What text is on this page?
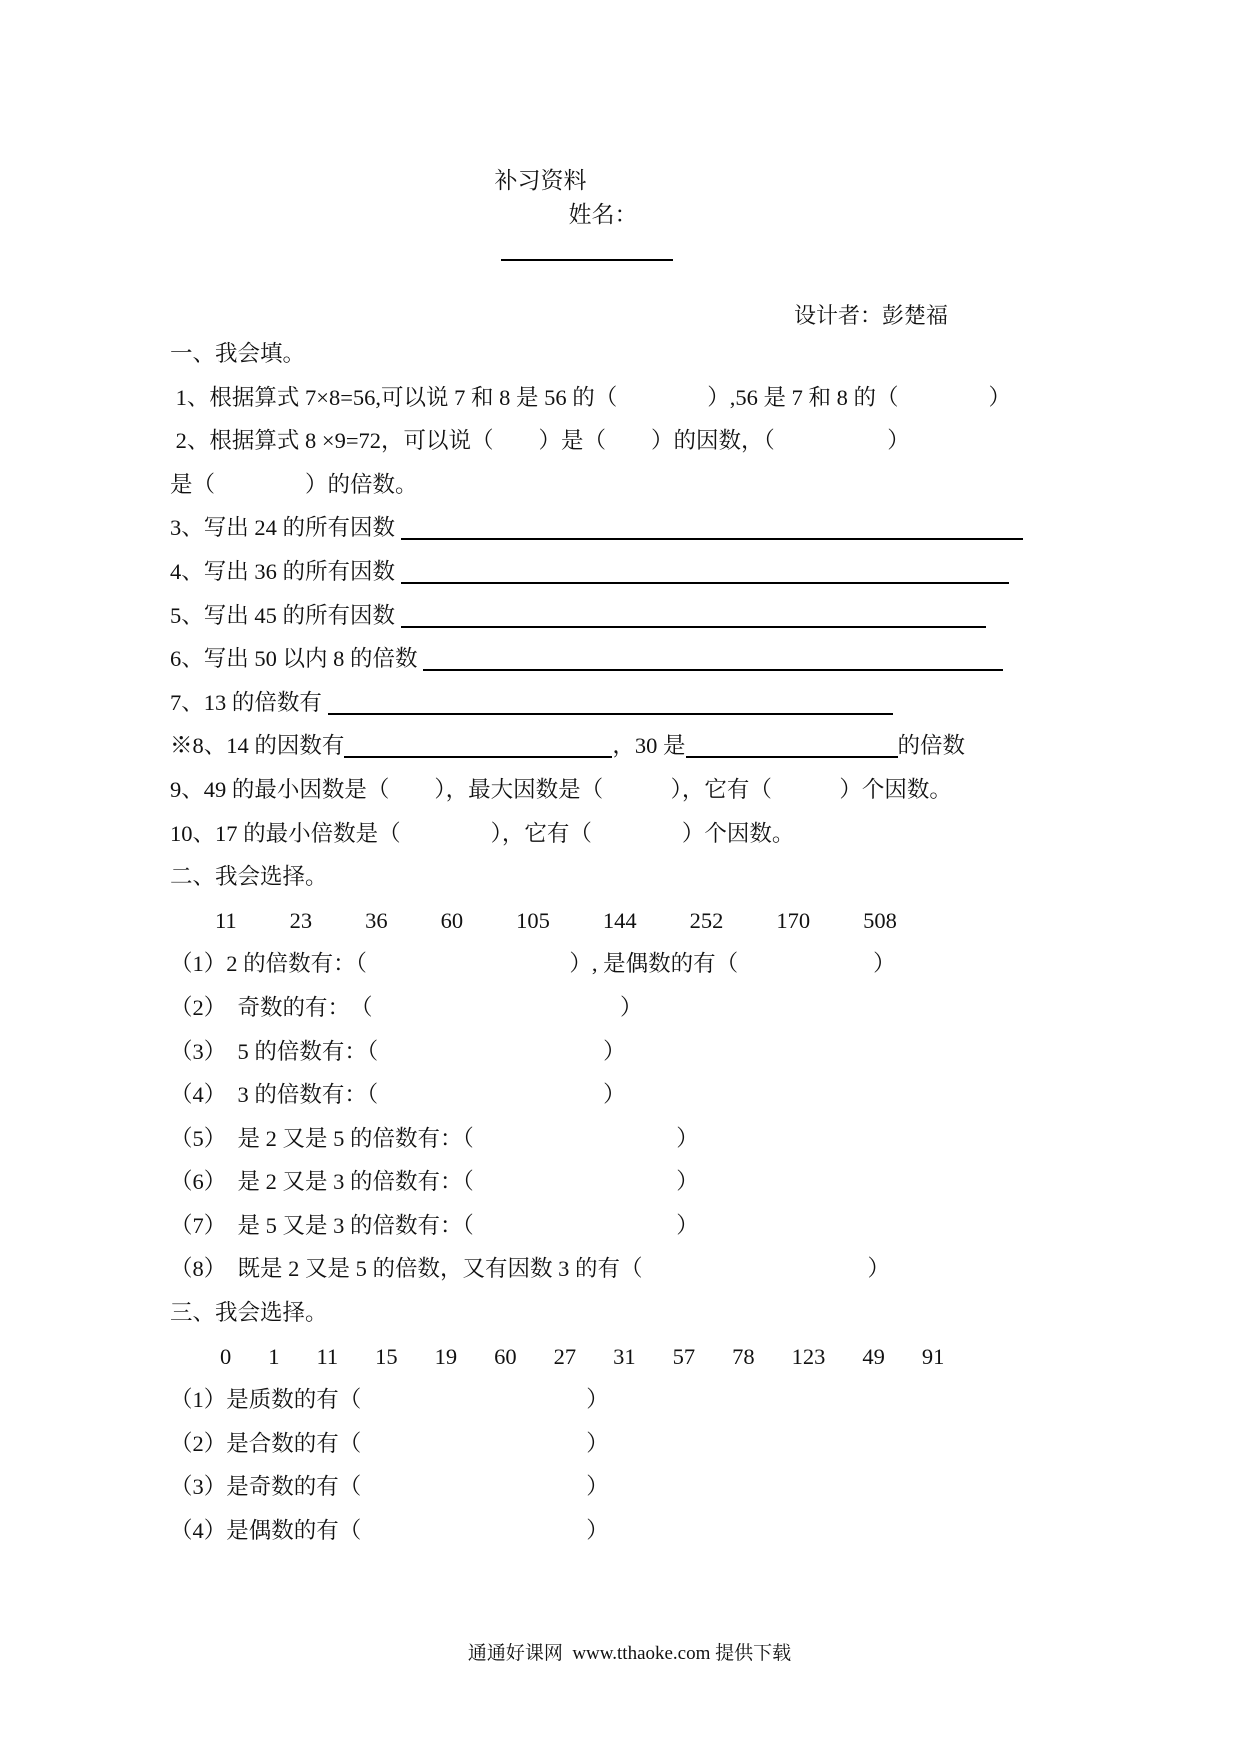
补习资料
姓名：

设计者：彭楚福
一、我会填。
1、根据算式 7×8=56,可以说 7 和 8 是 56 的（　　　　）,56 是 7 和 8 的（　　　　）
2、根据算式 8 ×9=72，可以说（　　）是（　　）的因数，（　　　　　）
是（　　　　）的倍数。
3、写出 24 的所有因数
4、写出 36 的所有因数
5、写出 45 的所有因数
6、写出 50 以内 8 的倍数
7、13 的倍数有
※8、14 的因数有	，30 是	的倍数
9、49 的最小因数是（　　），最大因数是（　　　），它有（　　　）个因数。
10、17 的最小倍数是（　　　　），它有（　　　　）个因数。
二、我会选择。
11 23 36 60 105 144 252 170 508
（1）2 的倍数有：（　　　　　　　　　）, 是偶数的有（　　　　　　）
（2）　奇数的有：　（　　　　　　　　　　　）
（3）　5 的倍数有：（　　　　　　　　　　）
（4）　3 的倍数有：（　　　　　　　　　　）
（5）　是 2 又是 5 的倍数有：（　　　　　　　　　）
（6）　是 2 又是 3 的倍数有：（　　　　　　　　　）
（7）　是 5 又是 3 的倍数有：（　　　　　　　　　）
（8）　既是 2 又是 5 的倍数，又有因数 3 的有（　　　　　　　　　　）
三、我会选择。
0 1 11 15 19 60 27 31 57 78 123 49 91
（1）是质数的有（　　　　　　　　　　）
（2）是合数的有（　　　　　　　　　　）
（3）是奇数的有（　　　　　　　　　　）
（4）是偶数的有（　　　　　　　　　　）

通通好课网  www.tthaoke.com 提供下载
